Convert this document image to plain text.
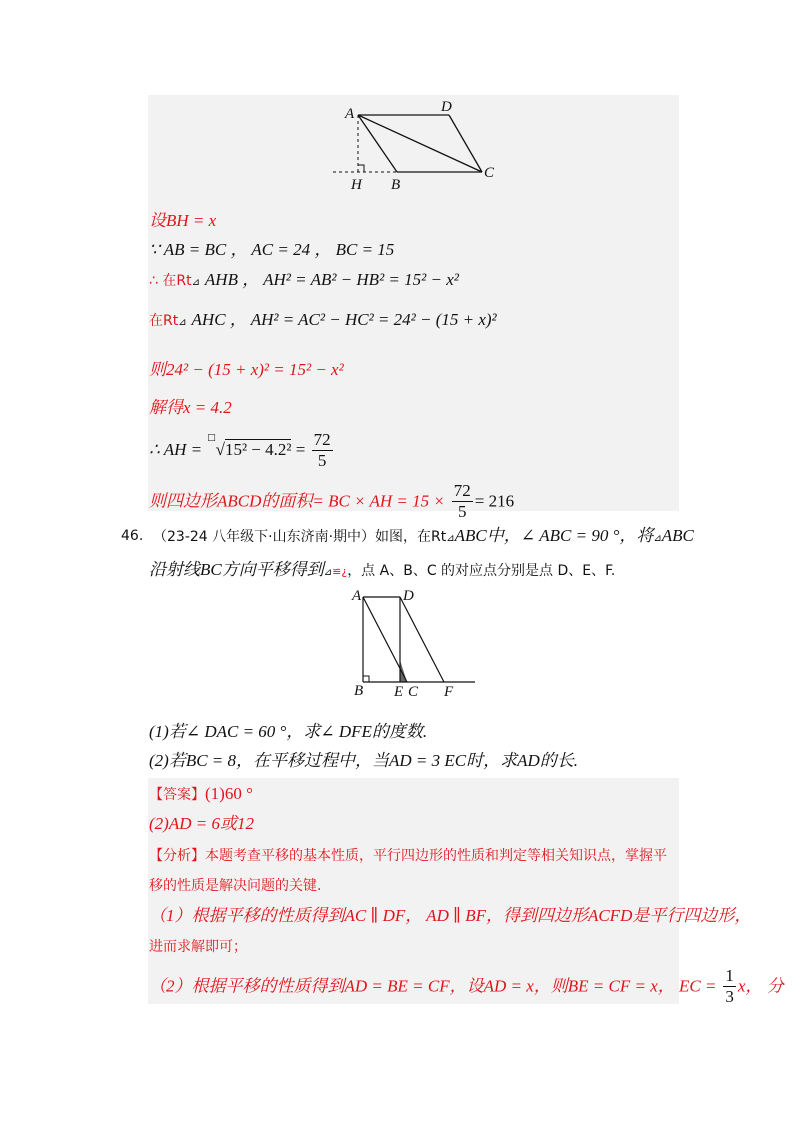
A	D
H B
C
设BH = x
∵ AB = BC ， AC = 24 ， BC = 15
∴ 在Rt⊿ AHB ， AH² = AB² − HB² = 15² − x²
在Rt⊿ AHC ， AH² = AC² − HC² = 24² − (15 + x)²
则24² − (15 + x)² = 15² − x²
解得x = 4.2
∴ AH = $^□√15^2 - 4.2^2 = \frac{72}{5}$
则四边形ABCD的面积= BC × AH = $15 \times \frac{72}{5} = 216$
46. （23-24 八年级下·山东济南·期中）如图，在Rt⊿ABC中，∠ ABC = 90 °，将⊿ABC
沿射线BC方向平移得到⊿≌¿，点 A、B、C 的对应点分别是点 D、E、F.
A	D
B E C F
(1)若∠ DAC = 60 °，求∠ DFE的度数.
(2)若BC = 8，在平移过程中，当AD = 3 EC时，求AD的长.
【答案】(1)60 °
(2)AD = 6或12
【分析】本题考查平移的基本性质，平行四边形的性质和判定等相关知识点，掌握平
移的性质是解决问题的关键.
（1）根据平移的性质得到AC ∥ DF， AD ∥ BF，得到四边形ACFD是平行四边形，
进而求解即可；
（2）根据平移的性质得到AD = BE = CF，设AD = x，则BE = CF = x， EC = $\frac{1}{3}$ x， 分
